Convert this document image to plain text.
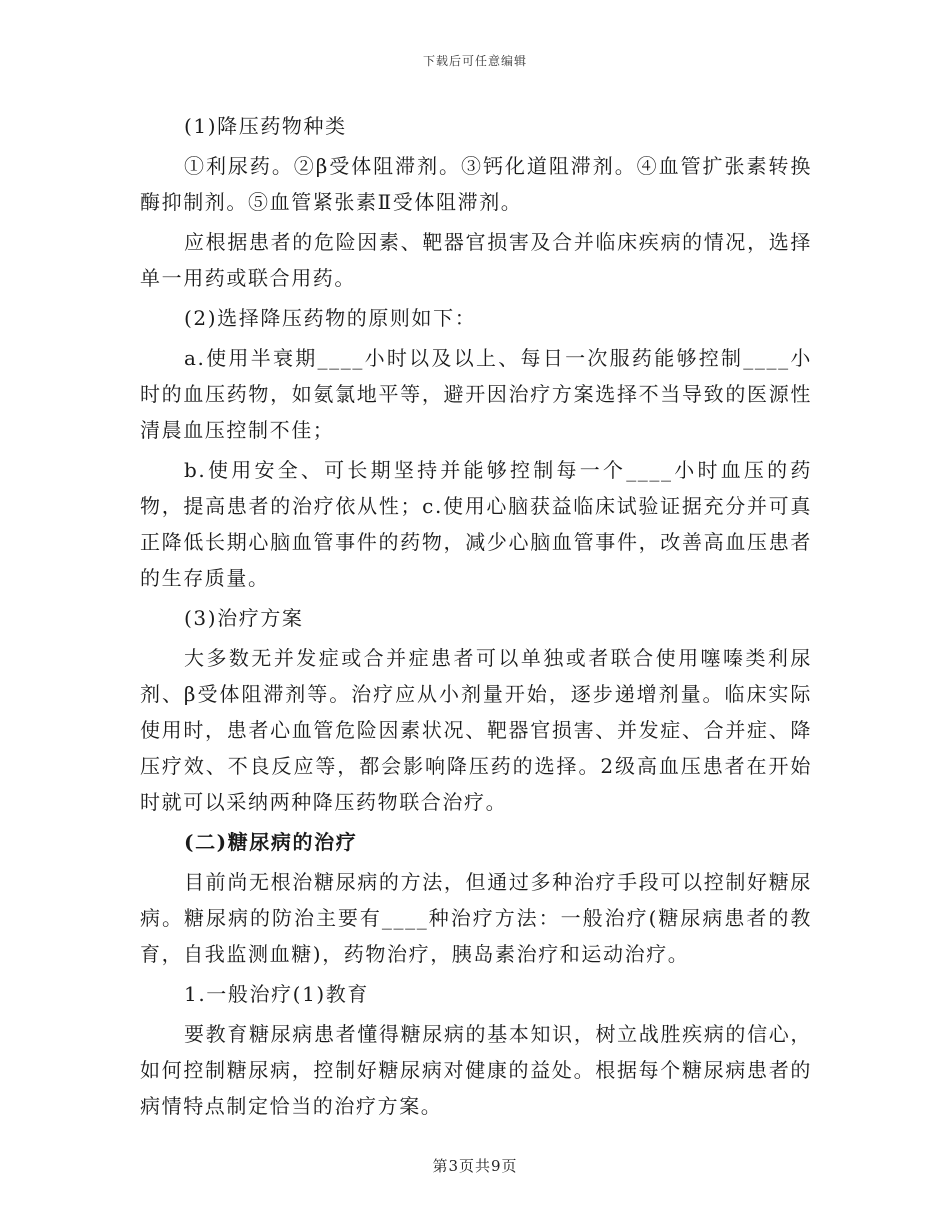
下载后可任意编辑

(1)降压药物种类

①利尿药。②β受体阻滞剂。③钙化道阻滞剂。④血管扩张素转换酶抑制剂。⑤血管紧张素Ⅱ受体阻滞剂。

应根据患者的危险因素、靶器官损害及合并临床疾病的情况，选择单一用药或联合用药。

(2)选择降压药物的原则如下：

a.使用半衰期____小时以及以上、每日一次服药能够控制____小时的血压药物，如氨氯地平等，避开因治疗方案选择不当导致的医源性清晨血压控制不佳；

b.使用安全、可长期坚持并能够控制每一个____小时血压的药物，提高患者的治疗依从性；c.使用心脑获益临床试验证据充分并可真正降低长期心脑血管事件的药物，减少心脑血管事件，改善高血压患者的生存质量。

(3)治疗方案

大多数无并发症或合并症患者可以单独或者联合使用噻嗪类利尿剂、β受体阻滞剂等。治疗应从小剂量开始，逐步递增剂量。临床实际使用时，患者心血管危险因素状况、靶器官损害、并发症、合并症、降压疗效、不良反应等，都会影响降压药的选择。2级高血压患者在开始时就可以采纳两种降压药物联合治疗。

(二)糖尿病的治疗

目前尚无根治糖尿病的方法，但通过多种治疗手段可以控制好糖尿病。糖尿病的防治主要有____种治疗方法：一般治疗(糖尿病患者的教育，自我监测血糖)，药物治疗，胰岛素治疗和运动治疗。

1.一般治疗(1)教育

要教育糖尿病患者懂得糖尿病的基本知识，树立战胜疾病的信心，如何控制糖尿病，控制好糖尿病对健康的益处。根据每个糖尿病患者的病情特点制定恰当的治疗方案。

第3页共9页
